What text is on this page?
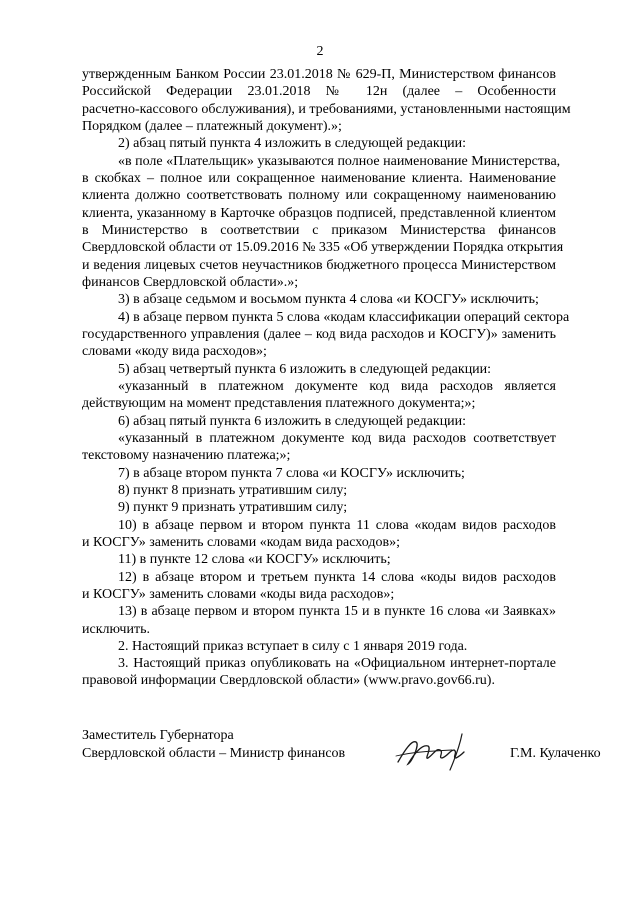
2
утвержденным Банком России 23.01.2018 № 629-П, Министерством финансов
Российской Федерации 23.01.2018 № 12н (далее – Особенности
расчетно-кассового обслуживания), и требованиями, установленными настоящим
Порядком (далее – платежный документ).»;
2) абзац пятый пункта 4 изложить в следующей редакции:
«в поле «Плательщик» указываются полное наименование Министерства,
в скобках – полное или сокращенное наименование клиента. Наименование
клиента должно соответствовать полному или сокращенному наименованию
клиента, указанному в Карточке образцов подписей, представленной клиентом
в Министерство в соответствии с приказом Министерства финансов
Свердловской области от 15.09.2016 № 335 «Об утверждении Порядка открытия
и ведения лицевых счетов неучастников бюджетного процесса Министерством
финансов Свердловской области».»;
3) в абзаце седьмом и восьмом пункта 4 слова «и КОСГУ» исключить;
4) в абзаце первом пункта 5 слова «кодам классификации операций сектора
государственного управления (далее – код вида расходов и КОСГУ)» заменить
словами «коду вида расходов»;
5) абзац четвертый пункта 6 изложить в следующей редакции:
«указанный в платежном документе код вида расходов является
действующим на момент представления платежного документа;»;
6) абзац пятый пункта 6 изложить в следующей редакции:
«указанный в платежном документе код вида расходов соответствует
текстовому назначению платежа;»;
7) в абзаце втором пункта 7 слова «и КОСГУ» исключить;
8) пункт 8 признать утратившим силу;
9) пункт 9 признать утратившим силу;
10) в абзаце первом и втором пункта 11 слова «кодам видов расходов
и КОСГУ» заменить словами «кодам вида расходов»;
11) в пункте 12 слова «и КОСГУ» исключить;
12) в абзаце втором и третьем пункта 14 слова «коды видов расходов
и КОСГУ» заменить словами «коды вида расходов»;
13) в абзаце первом и втором пункта 15 и в пункте 16 слова «и Заявках»
исключить.
2. Настоящий приказ вступает в силу с 1 января 2019 года.
3. Настоящий приказ опубликовать на «Официальном интернет-портале
правовой информации Свердловской области» (www.pravo.gov66.ru).
Заместитель Губернатора
Свердловской области – Министр финансов	Г.М. Кулаченко
